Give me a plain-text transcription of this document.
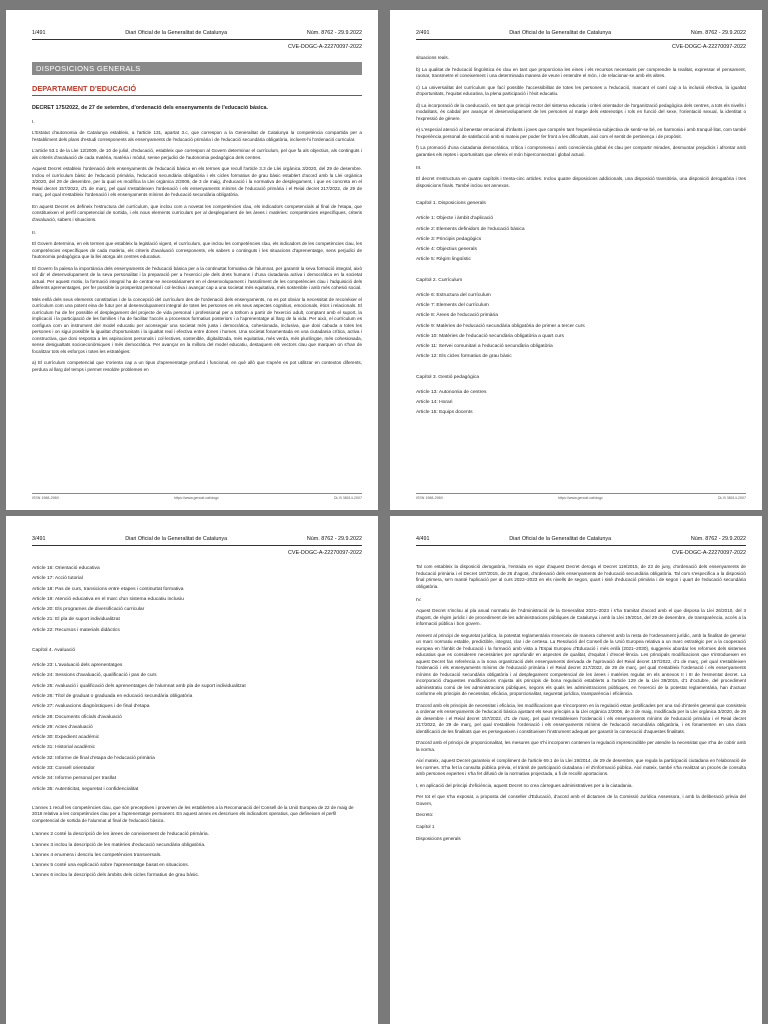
1/491	Diari Oficial de la Generalitat de Catalunya	Núm. 8762 - 29.9.2022
CVE-DOGC-A-22270097-2022
DISPOSICIONS GENERALS
DEPARTAMENT D'EDUCACIÓ
DECRET 175/2022, de 27 de setembre, d'ordenació dels ensenyaments de l'educació bàsica.
I.
L'Estatut d'autonomia de Catalunya estableix, a l'article 131, apartat 3.c, que correspon a la Generalitat de Catalunya la competència compartida per a l'establiment dels plans d'estudi corresponents als ensenyaments de l'educació primària i de l'educació secundària obligatòria, incloent-hi l'ordenació curricular.
L'article 53.1 de la Llei 12/2009, de 10 de juliol, d'educació, estableix que correspon al Govern determinar el currículum, pel que fa als objectius, als continguts i als criteris d'avaluació de cada matèria, matèria i mòdul, sense perjudici de l'autonomia pedagògica dels centres.
Aquest Decret estableix l'ordenació dels ensenyaments de l'educació bàsica en els termes que recull l'article 3.3 de Llei orgànica 3/2020, del 29 de desembre. Inclou el currículum bàsic de l'educació primària, l'educació secundària obligatòria i els cicles formatius de grau bàsic establert d'acord amb la Llei orgànica 3/2020, del 29 de desembre, per la qual es modifica la Llei orgànica 2/2006, de 3 de maig, d'educació i la normativa de desplegament, i que es concreta en el Reial decret 157/2022, d'1 de març, pel qual s'estableixen l'ordenació i els ensenyaments mínims de l'educació primària i el Reial decret 217/2022, de 29 de març, pel qual s'estableix l'ordenació i els ensenyaments mínims de l'educació secundària obligatòria.
En aquest Decret es defineix l'estructura del currículum, que inclou com a novetat les competències clau, els indicadors competencials al final de l'etapa, que constitueixen el perfil competencial de sortida, i els nous elements curriculars per al desplegament de les àrees i matèries: competències específiques, criteris d'avaluació, sabers i situacions.
II.
El Govern determina, en els termes que estableix la legislació vigent, el currículum, que inclou les competències clau, els indicadors de les competències clau, les competències específiques de cada matèria, els criteris d'avaluació corresponents, els sabers o continguts i les situacions d'aprenentatge, sens perjudici de l'autonomia pedagògica que la llei atorga als centres educatius.
El Govern fa palesa la importància dels ensenyaments de l'educació bàsica per a la continuïtat formativa de l'alumnat, per garantir la seva formació integral, això vol dir el desenvolupament de la seva personalitat i la preparació per a l'exercici ple dels drets humans i d'una ciutadania activa i democràtica en la societat actual. Per aquest motiu, la formació integral ha de centrar-se necessàriament en el desenvolupament i l'assoliment de les competències clau i l'adquisició dels diferents aprenentatges, per fer possible la prosperitat personal i col·lectiva i avançar cap a una societat més equitativa, més sostenible i amb més cohesió social.
Més enllà dels seus elements constitutius i de la concepció del currículum des de l'ordenació dels ensenyaments, no es pot obviar la necessitat de reconèixer el currículum com una potent eina de futur per al desenvolupament integral de totes les persones en els seus aspectes cognitius, emocionals, ètics i relacionals. El currículum ha de fer possible el desplegament del projecte de vida personal i professional per a tothom a partir de l'exercici adult, comptant amb el suport, la implicació i la participació de les famílies i ha de facilitar l'accés a processos formatius posteriors i a l'aprenentatge al llarg de la vida. Per això, el currículum es configura com un instrument del model educatiu per aconseguir una societat més justa i democràtica, cohesionada, inclusiva, que doni cabuda a totes les persones i on sigui possible la igualtat d'oportunitats i la igualtat real i efectiva entre dones i homes. Una societat fonamentada en una ciutadania crítica, activa i constructiva, que doni resposta a les aspiracions personals i col·lectives, sostenible, digitalitzada, més equitativa, més verda, més plurilingüe, més cohesionada, sense desigualtats socioeconòmiques i més democràtica. Per avançar en la millora del model educatiu, destaquem els vectors clau que marquen on s'han de focalitzar tots els esforços i totes les estratègies:
a) El currículum competencial que s'orienta cap a un tipus d'aprenentatge profund i funcional, en què allò que s'aprèn es pot utilitzar en contextos diferents, perdura al llarg del temps i permet resoldre problemes en
ISSN 1988-298X	https://www.gencat.cat/dogc	DL B 38014-2007
2/491	Diari Oficial de la Generalitat de Catalunya	Núm. 8762 - 29.9.2022
CVE-DOGC-A-22270097-2022
situacions reals.
b) La qualitat de l'educació lingüística és clau en tant que proporciona les eines i els recursos necessaris per comprendre la realitat, expressar el pensament, raonar, transmetre el coneixement i una determinada manera de veure i entendre el món, i de relacionar-se amb els altres.
c) La universalitat del currículum que fací possible l'accessibilitat de totes les persones a l'educació, marcant el camí cap a la inclusió efectiva, la igualtat d'oportunitats, l'equitat educativa, la plena participació i l'èxit educatiu.
d) La incorporació de la coeducació, en tant que principi rector del sistema educatiu i criteri orientador de l'organització pedagògica dels centres, a tots els nivells i modalitats, és cabdal per avançar el desenvolupament de les persones al marge dels estereotips i rols en funció del sexe, l'orientació sexual, la identitat o l'expressió de gènere.
e) L'especial atenció al benestar emocional d'infants i joves que comprèn tant l'experiència subjectiva de sentir-se bé, en harmonia i amb tranquil·litat, com també l'experiència personal de satisfacció amb si mateix per poder fer front a les dificultats, així com el sentit de pertinença i de propòsit.
f) La promoció d'una ciutadania democràtica, crítica i compromesa i amb consciència global és clau per compartir mirades, desmuntar prejudicis i afrontar amb garanties els reptes i oportunitats que ofereix el món hiperconnectat i global actual.
III.
El decret s'estructura en quatre capítols i trenta-cinc articles. Inclou quatre disposicions addicionals, una disposició transitòria, una disposició derogatòria i tres disposicions finals. També inclou set annexos.
Capítol 1. Disposicions generals
Article 1: Objecte i àmbit d'aplicació
Article 2: Elements definidors de l'educació bàsica
Article 3: Principis pedagògics
Article 4: Objectius generals
Article 5: Règim lingüístic
Capítol 2. Currículum
Article 6: Estructura del currículum
Article 7: Elements del currículum
Article 8: Àrees de l'educació primària
Article 9: Matèries de l'educació secundària obligatòria de primer a tercer curs
Article 10: Matèries de l'educació secundària obligatòria a quart curs
Article 11: Servei comunitari a l'educació secundària obligatòria
Article 12: Els cicles formatius de grau bàsic
Capítol 3. Gestió pedagògica
Article 13: Autonomia de centres
Article 14: Horari
Article 15: Equips docents
ISSN 1988-298X	https://www.gencat.cat/dogc	DL B 38014-2007
3/491	Diari Oficial de la Generalitat de Catalunya	Núm. 8762 - 29.9.2022
CVE-DOGC-A-22270097-2022
Article 16: Orientació educativa
Article 17: Acció tutorial
Article 18: Pas de curs, transicions entre etapes i continuïtat formativa
Article 19: Atenció educativa en el marc d'un sistema educatiu inclusiu
Article 20: Els programes de diversificació curricular
Article 21: El pla de suport individualitzat
Article 22: Recursos i materials didàctics
Capítol 4. Avaluació
Article 23: L'avaluació dels aprenentatges
Article 24: Sessions d'avaluació, qualificació i pas de curs
Article 25: Avaluació i qualificació dels aprenentatges de l'alumnat amb pla de suport individualitzat
Article 26: Títol de graduat o graduada en educació secundària obligatòria
Article 27: Avaluacions diagnòstiques i de final d'etapa
Article 28: Documents oficials d'avaluació
Article 29: Actes d'avaluació
Article 30: Expedient acadèmic
Article 31: Historial acadèmic
Article 32: Informe de final d'etapa de l'educació primària
Article 33: Consell orientador
Article 34: Informe personal per trasllat
Article 35: Autenticitat, seguretat i confidencialitat
L'annex 1 recull les competències clau, que són preceptives i provenen de les establertes a la Recomanació del Consell de la Unió Europea de 22 de maig de 2018 relativa a les competències clau per a l'aprenentatge permanent. En aquest annex es descriuen els indicadors operatius, que defineixen el perfil competencial de sortida de l'alumnat al final de l'educació bàsica.
L'annex 2 conté la descripció de les àrees de coneixement de l'educació primària.
L'annex 3 inclou la descripció de les matèries d'educació secundària obligatòria.
L'annex 4 enumera i descriu les competències transversals.
L'annex 5 conté una explicació sobre l'aprenentatge basat en situacions.
L'annex 6 inclou la descripció dels àmbits dels cicles formatius de grau bàsic.
4/491	Diari Oficial de la Generalitat de Catalunya	Núm. 8762 - 29.9.2022
CVE-DOGC-A-22270097-2022
Tal com estableix la disposició derogatòria, l'entrada en vigor d'aquest Decret deroga el Decret 119/2015, de 23 de juny, d'ordenació dels ensenyaments de l'educació primària i el Decret 187/2015, de 25 d'agost, d'ordenació dels ensenyaments de l'educació secundària obligatòria. Tal com s'especifica a la disposició final primera, se'n manté l'aplicació per al curs 2022–2023 en els nivells de segon, quart i sisè d'educació primària i de segon i quart de l'educació secundària obligatòria.
IV.
Aquest Decret s'inclou al pla anual normatiu de l'Administració de la Generalitat 2021–2023 i s'ha tramitat d'acord amb el que disposa la Llei 26/2010, del 3 d'agost, de règim jurídic i de procediment de les administracions públiques de Catalunya i amb la Llei 19/2014, del 29 de desembre, de transparència, accés a la informació pública i bon govern.
Atenent al principi de seguretat jurídica, la potestat reglamentària s'exerceix de manera coherent amb la resta de l'ordenament jurídic, amb la finalitat de generar un marc normatiu estable, predictible, integrat, clar i de certesa. La Resolució del Consell de la Unió Europea relativa a un marc estratègic per a la cooperació europea en l'àmbit de l'educació i la formació amb vista a l'Espai Europeu d'Educació i més enllà (2021–2030), suggereix abordar les reformes dels sistemes educatius que es consideren necessàries per aprofundir en aspectes de qualitat, d'equitat i d'excel·lència. Les principals modificacions que s'introdueixen en aquest Decret fan referència a la nova organització dels ensenyaments derivada de l'aprovació del Reial decret 157/2022, d'1 de març, pel qual s'estableixen l'ordenació i els ensenyaments mínims de l'educació primària i el Reial decret 217/2022, de 29 de març, pel qual s'estableix l'ordenació i els ensenyaments mínims de l'educació secundària obligatòria i al desplegament competencial de les àrees i matèries regulat en els annexos II i III de l'esmentat decret. La incorporació d'aquestes modificacions s'ajusta als principis de bona regulació establerts a l'article 129 de la Llei 39/2015, d'1 d'octubre, del procediment administratiu comú de les administracions públiques, segons els quals les administracions públiques, en l'exercici de la potestat reglamentària, han d'actuar conforme els principis de necessitat, eficàcia, proporcionalitat, seguretat jurídica, transparència i eficiència.
D'acord amb els principis de necessitat i eficàcia, les modificacions que s'incorporen en la regulació estan justificades per una raó d'interès general que consisteix a ordenar els ensenyaments de l'educació bàsica ajustant els seus principis a la Llei orgànica 2/2006, de 3 de maig, modificada per la Llei orgànica 3/2020, de 29 de desembre i el Reial decret 157/2022, d'1 de març, pel qual s'estableixen l'ordenació i els ensenyaments mínims de l'educació primària i el Reial decret 217/2022, de 29 de març, pel qual s'estableix l'ordenació i els ensenyaments mínims de l'educació secundària obligatòria, i es fonamenten en una clara identificació de les finalitats que es persegueixen i constitueixen l'instrument adequat per garantir la consecució d'aquestes finalitats.
D'acord amb el principi de proporcionalitat, les mesures que s'hi incorporen contenen la regulació imprescindible per atendre la necessitat que s'ha de cobrir amb la norma.
Així mateix, aquest Decret garanteix el compliment de l'article 69.1 de la Llei 19/2014, de 29 de desembre, que regula la participació ciutadana en l'elaboració de les normes. S'ha fet la consulta pública prèvia, el tràmit de participació ciutadana i el d'informació pública. Així mateix, també s'ha realitzat un procés de consulta amb persones expertes i s'ha fet difusió de la normativa projectada, a fi de recollir aportacions.
I, en aplicació del principi d'eficiència, aquest Decret no crea càrregues administratives per a la ciutadania.
Per tot el que s'ha exposat, a proposta del conseller d'Educació, d'acord amb el dictamen de la Comissió Jurídica Assessora, i amb la deliberació prèvia del Govern,
Decreto:
Capítol 1
Disposicions generals
